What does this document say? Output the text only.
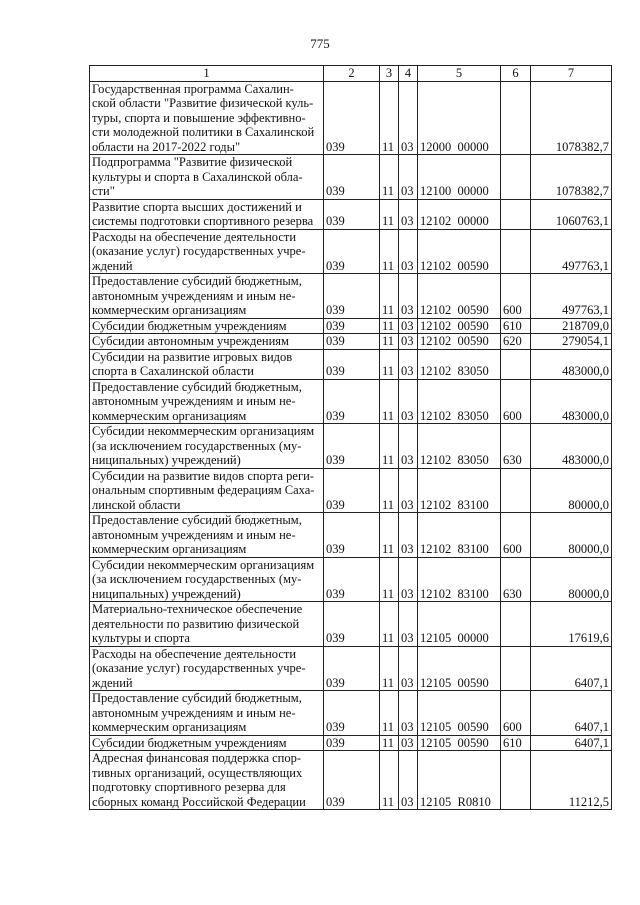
775
1	2	3	4	5	6	7
Государственная программа Сахалин-
ской области "Развитие физической куль-
туры, спорта и повышение эффективно-
сти молодежной политики в Сахалинской
области на 2017-2022 годы"	039	11	03	12000  00000		1078382,7
Подпрограмма "Развитие физической
культуры и спорта в Сахалинской обла-
сти"	039	11	03	12100  00000		1078382,7
Развитие спорта высших достижений и
системы подготовки спортивного резерва	039	11	03	12102  00000		1060763,1
Расходы на обеспечение деятельности
(оказание услуг) государственных учре-
ждений	039	11	03	12102  00590		497763,1
Предоставление субсидий бюджетным,
автономным учреждениям и иным не-
коммерческим организациям	039	11	03	12102  00590	600	497763,1
Субсидии бюджетным учреждениям	039	11	03	12102  00590	610	218709,0
Субсидии автономным учреждениям	039	11	03	12102  00590	620	279054,1
Субсидии на развитие игровых видов
спорта в Сахалинской области	039	11	03	12102  83050		483000,0
Предоставление субсидий бюджетным,
автономным учреждениям и иным не-
коммерческим организациям	039	11	03	12102  83050	600	483000,0
Субсидии некоммерческим организациям
(за исключением государственных (му-
ниципальных) учреждений)	039	11	03	12102  83050	630	483000,0
Субсидии на развитие видов спорта реги-
ональным спортивным федерациям Саха-
линской области	039	11	03	12102  83100		80000,0
Предоставление субсидий бюджетным,
автономным учреждениям и иным не-
коммерческим организациям	039	11	03	12102  83100	600	80000,0
Субсидии некоммерческим организациям
(за исключением государственных (му-
ниципальных) учреждений)	039	11	03	12102  83100	630	80000,0
Материально-техническое обеспечение
деятельности по развитию физической
культуры и спорта	039	11	03	12105  00000		17619,6
Расходы на обеспечение деятельности
(оказание услуг) государственных учре-
ждений	039	11	03	12105  00590		6407,1
Предоставление субсидий бюджетным,
автономным учреждениям и иным не-
коммерческим организациям	039	11	03	12105  00590	600	6407,1
Субсидии бюджетным учреждениям	039	11	03	12105  00590	610	6407,1
Адресная финансовая поддержка спор-
тивных организаций, осуществляющих
подготовку спортивного резерва для
сборных команд Российской Федерации	039	11	03	12105  R0810		11212,5
